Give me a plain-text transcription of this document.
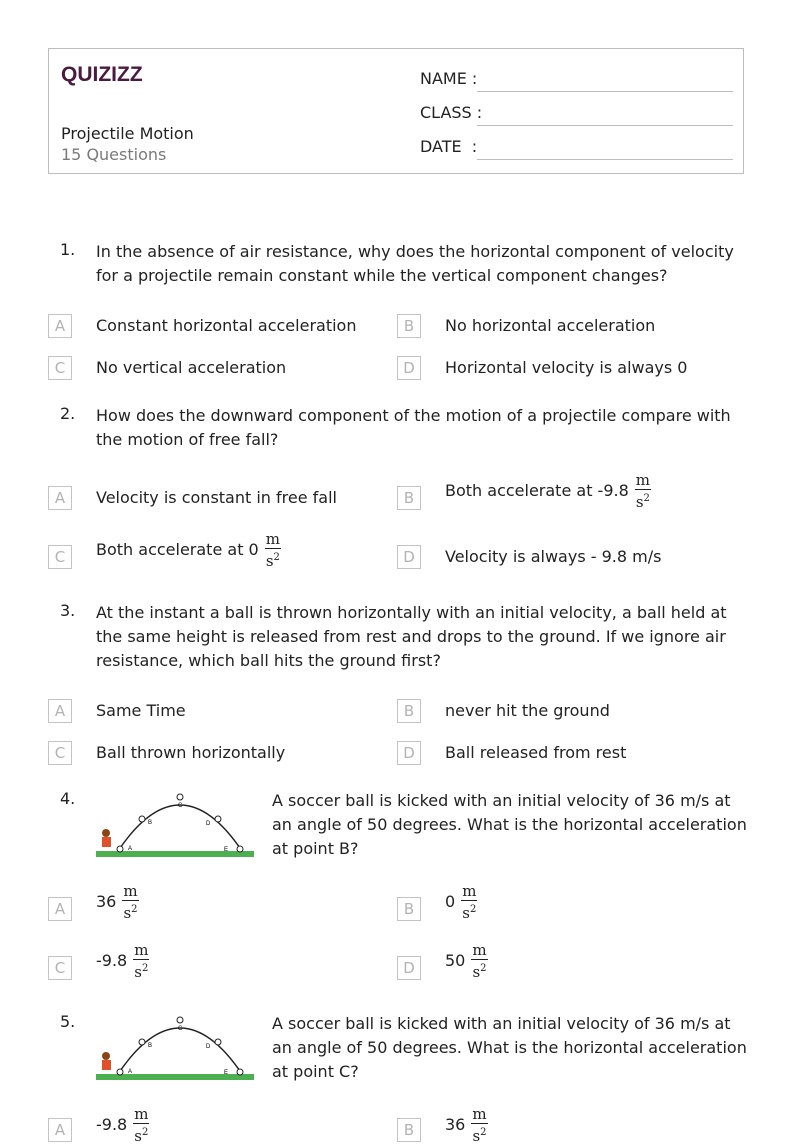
QUIZIZZ
Projectile Motion
15 Questions
NAME :
CLASS :
DATE  :
1. In the absence of air resistance, why does the horizontal component of velocity for a projectile remain constant while the vertical component changes?
A	Constant horizontal acceleration	B	No horizontal acceleration
C	No vertical acceleration	D	Horizontal velocity is always 0
2. How does the downward component of the motion of a projectile compare with the motion of free fall?
A	Velocity is constant in free fall	B	Both accelerate at $-9.8 \frac{m}{s^2}$
C	Both accelerate at $0 \frac{m}{s^2}$	D	Velocity is always - 9.8 m/s
3. At the instant a ball is thrown horizontally with an initial velocity, a ball held at the same height is released from rest and drops to the ground. If we ignore air resistance, which ball hits the ground first?
A	Same Time	B	never hit the ground
C	Ball thrown horizontally	D	Ball released from rest
4.
A
B
C
D
E
A soccer ball is kicked with an initial velocity of 36 m/s at an angle of 50 degrees. What is the horizontal acceleration at point B?
A	$36 \frac{m}{s^2}$	B	$0 \frac{m}{s^2}$
C	$-9.8 \frac{m}{s^2}$	D	$50 \frac{m}{s^2}$
5.
A
B
C
D
E
A soccer ball is kicked with an initial velocity of 36 m/s at an angle of 50 degrees. What is the horizontal acceleration at point C?
A	$-9.8 \frac{m}{s^2}$	B	$36 \frac{m}{s^2}$
